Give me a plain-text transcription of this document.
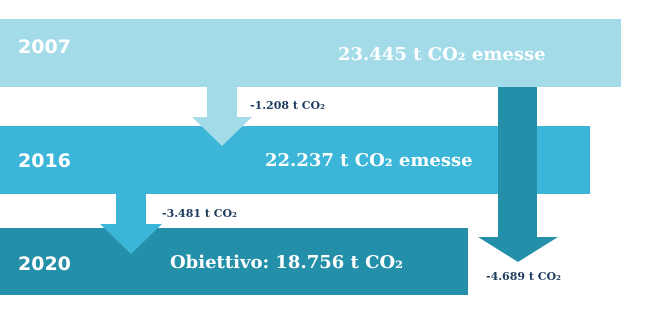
2007
2016
2020
23.445 t CO₂ emesse
22.237 t CO₂ emesse
Obiettivo: 18.756 t CO₂
-1.208 t CO₂
-3.481 t CO₂
-4.689 t CO₂
